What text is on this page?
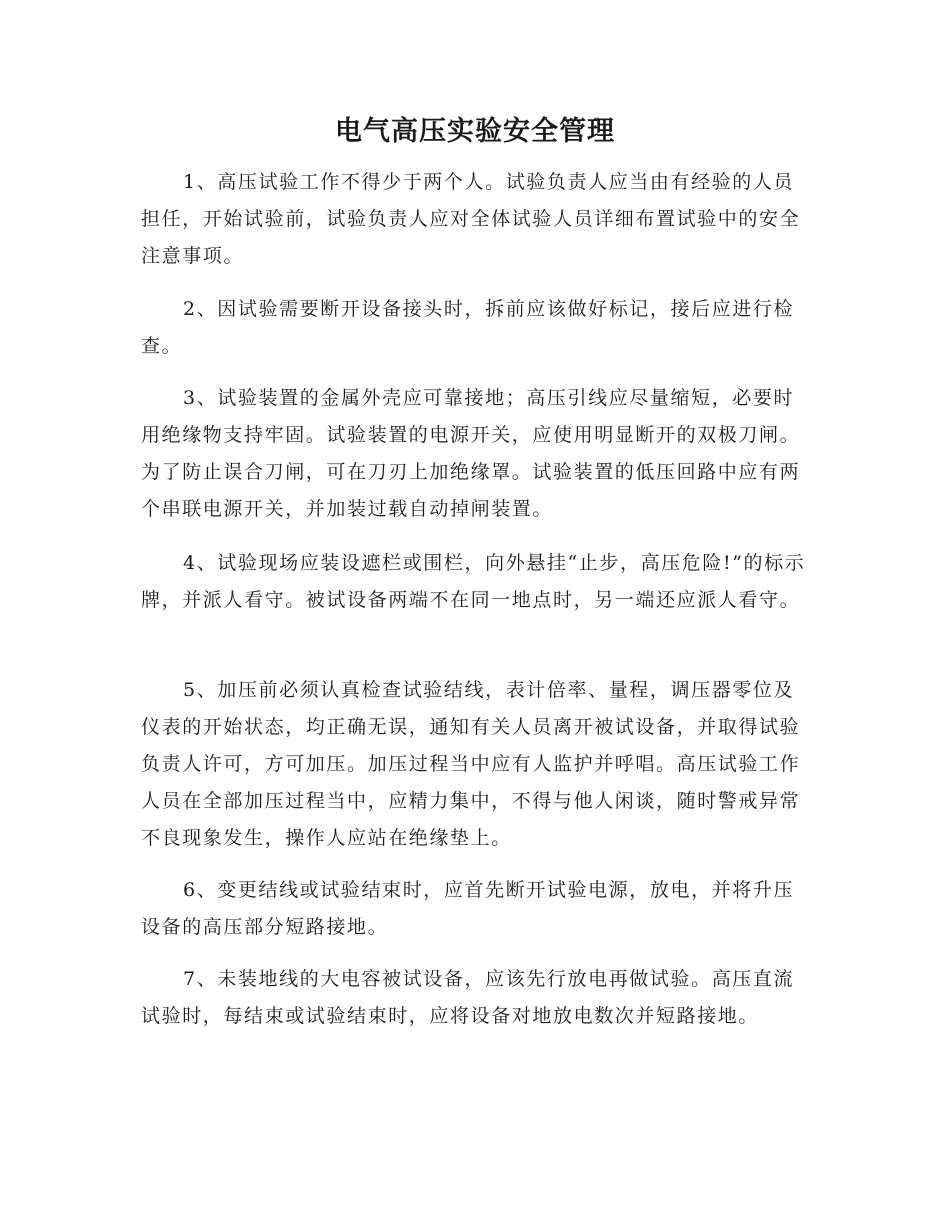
电气高压实验安全管理

1、高压试验工作不得少于两个人。试验负责人应当由有经验的人员担任，开始试验前，试验负责人应对全体试验人员详细布置试验中的安全注意事项。

2、因试验需要断开设备接头时，拆前应该做好标记，接后应进行检查。

3、试验装置的金属外壳应可靠接地；高压引线应尽量缩短，必要时用绝缘物支持牢固。试验装置的电源开关，应使用明显断开的双极刀闸。为了防止误合刀闸，可在刀刃上加绝缘罩。试验装置的低压回路中应有两个串联电源开关，并加装过载自动掉闸装置。

4、试验现场应装设遮栏或围栏，向外悬挂“止步，高压危险!”的标示牌，并派人看守。被试设备两端不在同一地点时，另一端还应派人看守。

5、加压前必须认真检查试验结线，表计倍率、量程，调压器零位及仪表的开始状态，均正确无误，通知有关人员离开被试设备，并取得试验负责人许可，方可加压。加压过程当中应有人监护并呼唱。高压试验工作人员在全部加压过程当中，应精力集中，不得与他人闲谈，随时警戒异常不良现象发生，操作人应站在绝缘垫上。

6、变更结线或试验结束时，应首先断开试验电源，放电，并将升压设备的高压部分短路接地。

7、未装地线的大电容被试设备，应该先行放电再做试验。高压直流试验时，每结束或试验结束时，应将设备对地放电数次并短路接地。
